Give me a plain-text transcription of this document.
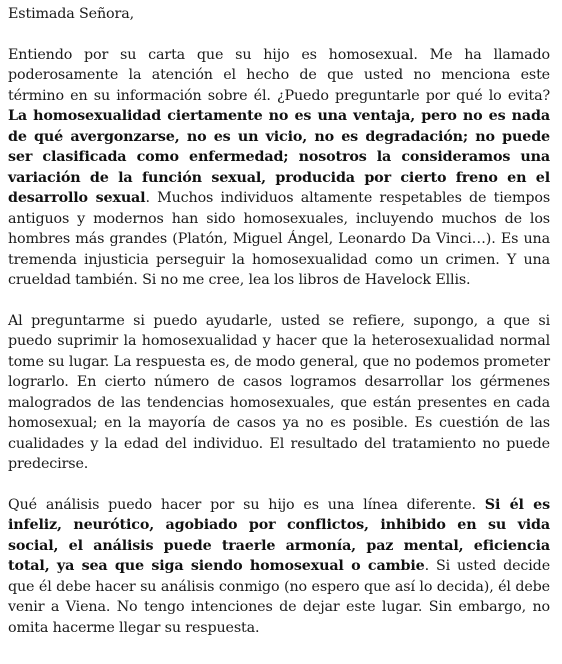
Estimada Señora,

Entiendo por su carta que su hijo es homosexual. Me ha llamado poderosamente la atención el hecho de que usted no menciona este término en su información sobre él. ¿Puedo preguntarle por qué lo evita? La homosexualidad ciertamente no es una ventaja, pero no es nada de qué avergonzarse, no es un vicio, no es degradación; no puede ser clasificada como enfermedad; nosotros la consideramos una variación de la función sexual, producida por cierto freno en el desarrollo sexual. Muchos individuos altamente respetables de tiempos antiguos y modernos han sido homosexuales, incluyendo muchos de los hombres más grandes (Platón, Miguel Ángel, Leonardo Da Vinci…). Es una tremenda injusticia perseguir la homosexualidad como un crimen. Y una crueldad también. Si no me cree, lea los libros de Havelock Ellis.

Al preguntarme si puedo ayudarle, usted se refiere, supongo, a que si puedo suprimir la homosexualidad y hacer que la heterosexualidad normal tome su lugar. La respuesta es, de modo general, que no podemos prometer lograrlo. En cierto número de casos logramos desarrollar los gérmenes malogrados de las tendencias homosexuales, que están presentes en cada homosexual; en la mayoría de casos ya no es posible. Es cuestión de las cualidades y la edad del individuo. El resultado del tratamiento no puede predecirse.

Qué análisis puedo hacer por su hijo es una línea diferente. Si él es infeliz, neurótico, agobiado por conflictos, inhibido en su vida social, el análisis puede traerle armonía, paz mental, eficiencia total, ya sea que siga siendo homosexual o cambie. Si usted decide que él debe hacer su análisis conmigo (no espero que así lo decida), él debe venir a Viena. No tengo intenciones de dejar este lugar. Sin embargo, no omita hacerme llegar su respuesta.
